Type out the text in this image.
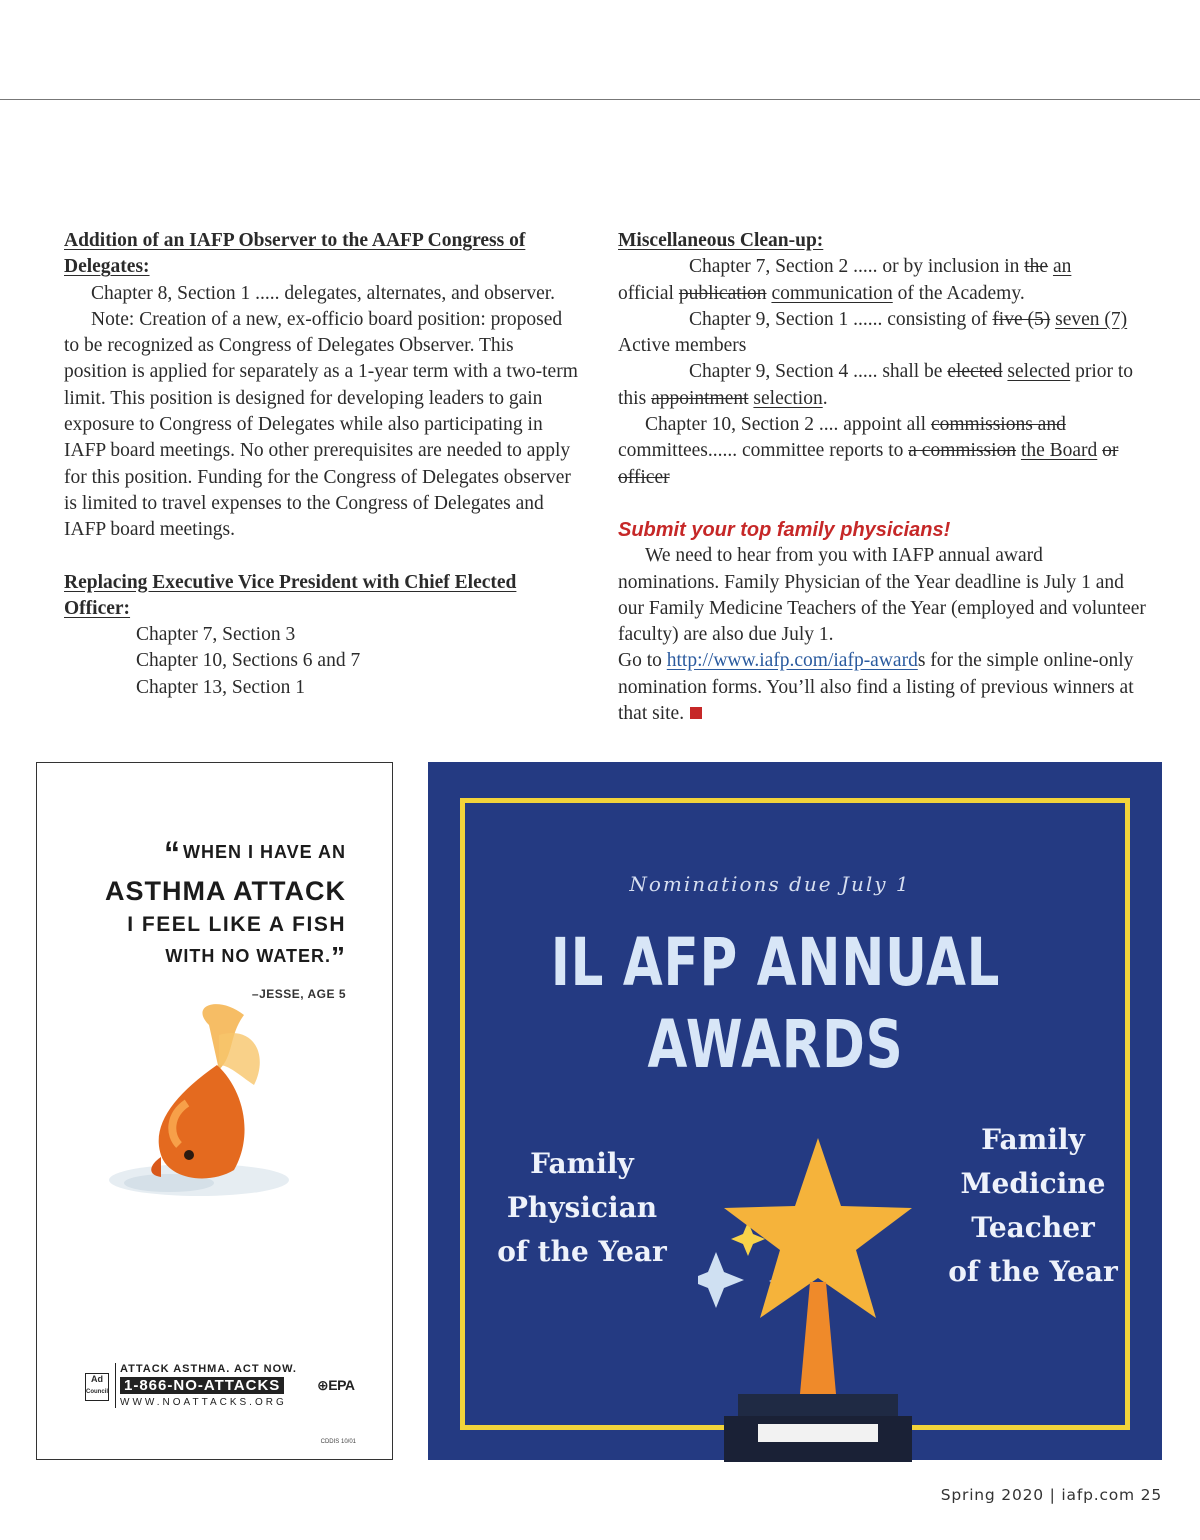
Addition of an IAFP Observer to the AAFP Congress of Delegates:

Chapter 8, Section 1 ..... delegates, alternates, and observer.

Note: Creation of a new, ex-officio board position: proposed to be recognized as Congress of Delegates Observer. This position is applied for separately as a 1-year term with a two-term limit. This position is designed for developing leaders to gain exposure to Congress of Delegates while also participating in IAFP board meetings. No other prerequisites are needed to apply for this position. Funding for the Congress of Delegates observer is limited to travel expenses to the Congress of Delegates and IAFP board meetings.

Replacing Executive Vice President with Chief Elected Officer:

Chapter 7, Section 3

Chapter 10, Sections 6 and 7

Chapter 13, Section 1

Miscellaneous Clean-up:

Chapter 7, Section 2 ..... or by inclusion in the an
official publication communication of the Academy.

Chapter 9, Section 1 ...... consisting of five (5) seven (7)
Active members

Chapter 9, Section 4 ..... shall be elected selected prior to this appointment selection.

Chapter 10, Section 2 .... appoint all commissions and committees...... committee reports to a commission the Board or officer

Submit your top family physicians!

We need to hear from you with IAFP annual award nominations. Family Physician of the Year deadline is July 1 and our Family Medicine Teachers of the Year (employed and volunteer faculty) are also due July 1.

Go to http://www.iafp.com/iafp-awards for the simple online-only nomination forms. You’ll also find a listing of previous winners at that site.

“ WHEN I HAVE AN
ASTHMA ATTACK
I FEEL LIKE A FISH
WITH NO WATER.”
–JESSE, AGE 5
Ad
Council
ATTACK ASTHMA. ACT NOW.
1-866-NO-ATTACKS
WWW.NOATTACKS.ORG
⊕EPA
CDDIS 10/01
Nominations due July 1
IL AFP ANNUAL
AWARDS
Family
Physician
of the Year
Family
Medicine
Teacher
of the Year
Spring 2020 | iafp.com 25
